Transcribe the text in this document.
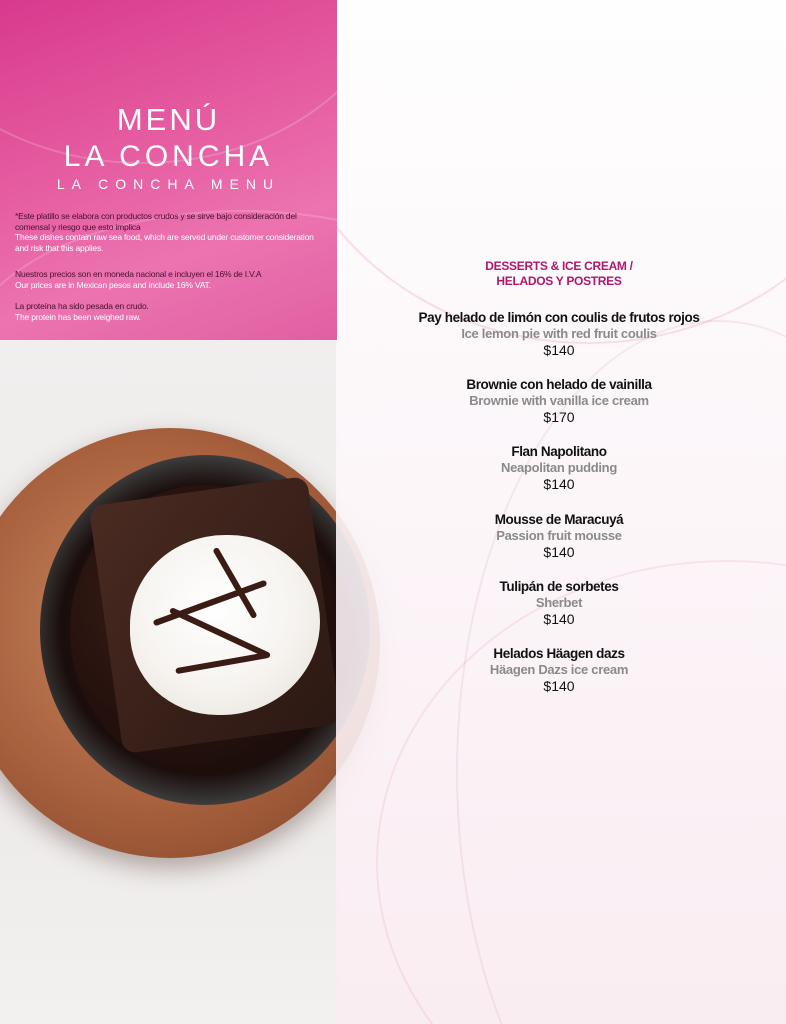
MENÚ
LA CONCHA
LA CONCHA MENU
*Este platillo se elabora con productos crudos y se sirve bajo consideración del comensal y riesgo que esto implica
These dishes contain raw sea food, which are served under customer consideration and risk that this applies.
Nuestros precios son en moneda nacional e incluyen el 16% de I.V.A
Our prices are in Mexican pesos and include 16% VAT.
La proteína ha sido pesada en crudo.
The protein has been weighed raw.
DESSERTS & ICE CREAM /
HELADOS Y POSTRES
Pay helado de limón con coulis de frutos rojos
Ice lemon pie with red fruit coulis
$140
Brownie con helado de vainilla
Brownie with vanilla ice cream
$170
Flan Napolitano
Neapolitan pudding
$140
Mousse de Maracuyá
Passion fruit mousse
$140
Tulipán de sorbetes
Sherbet
$140
Helados Häagen dazs
Häagen Dazs ice cream
$140
